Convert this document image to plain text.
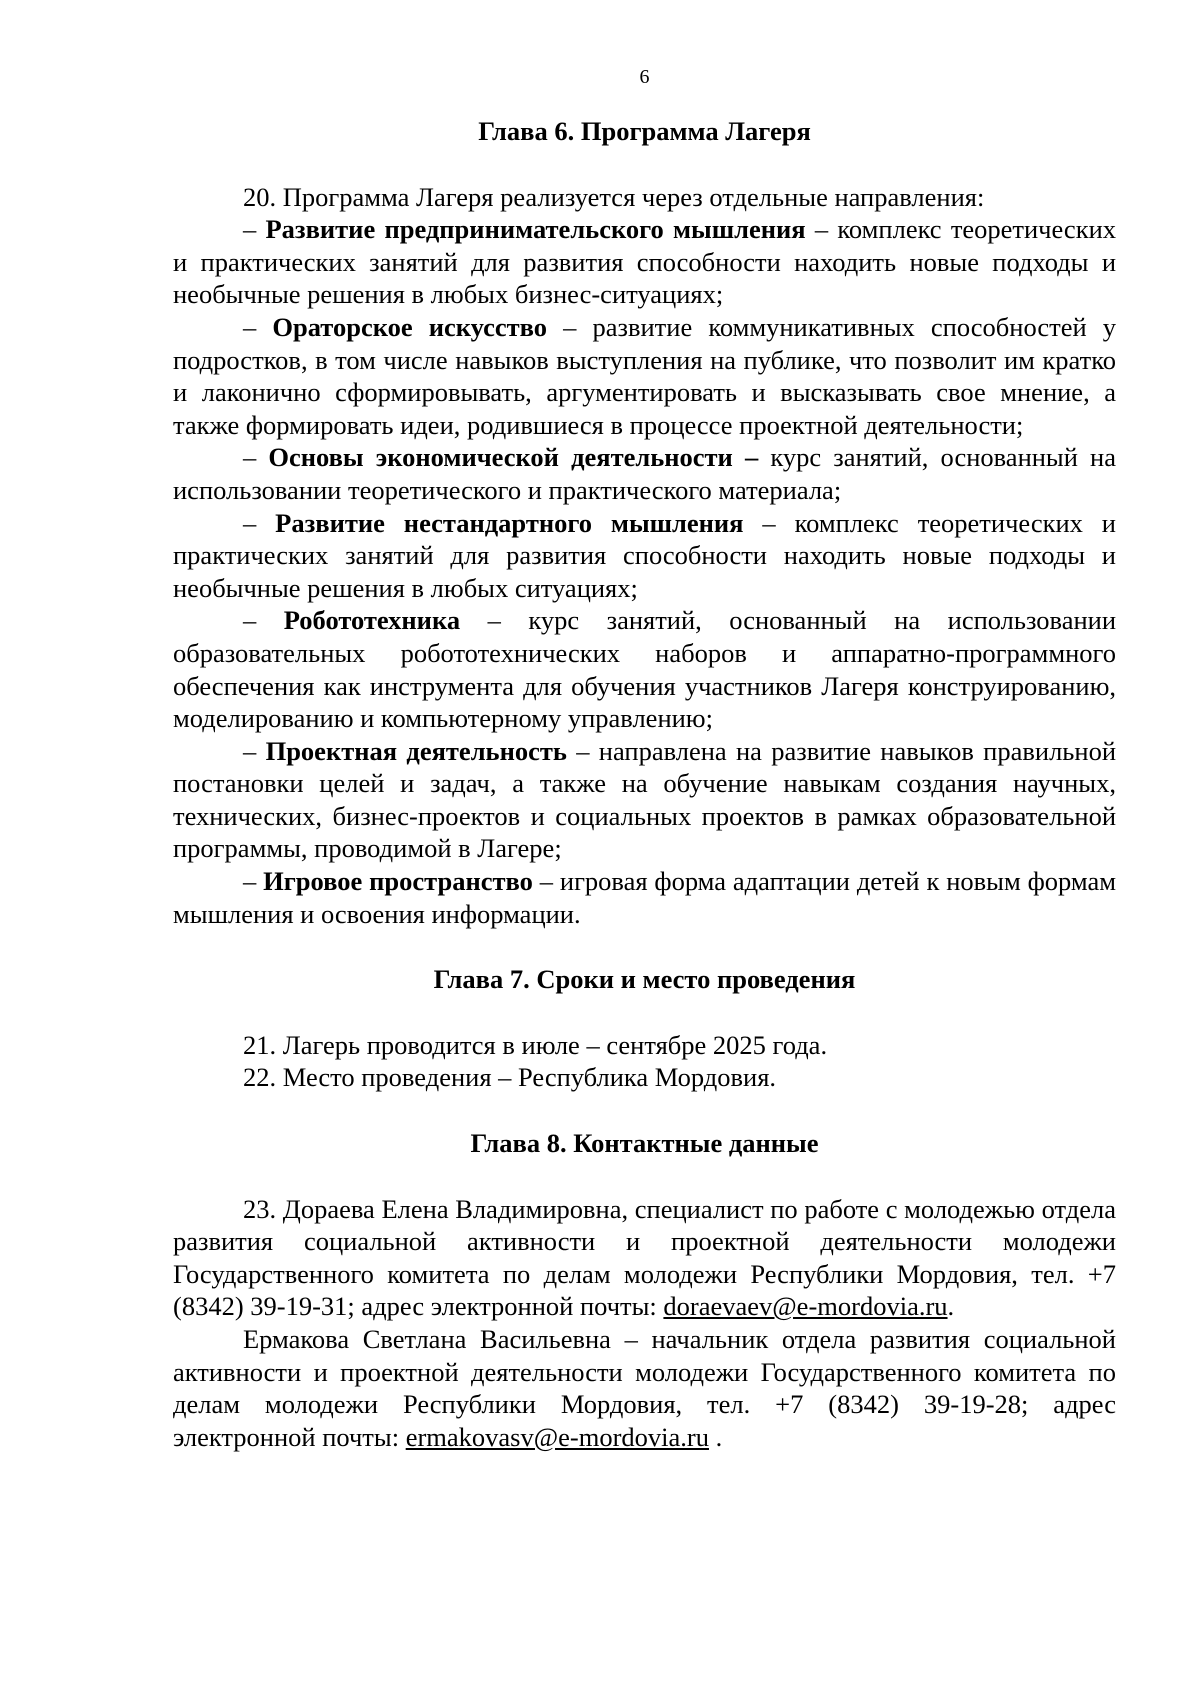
6
Глава 6. Программа Лагеря
20. Программа Лагеря реализуется через отдельные направления:
– Развитие предпринимательского мышления – комплекс теоретических и практических занятий для развития способности находить новые подходы и необычные решения в любых бизнес-ситуациях;
– Ораторское искусство – развитие коммуникативных способностей у подростков, в том числе навыков выступления на публике, что позволит им кратко и лаконично сформировывать, аргументировать и высказывать свое мнение, а также формировать идеи, родившиеся в процессе проектной деятельности;
– Основы экономической деятельности – курс занятий, основанный на использовании теоретического и практического материала;
– Развитие нестандартного мышления – комплекс теоретических и практических занятий для развития способности находить новые подходы и необычные решения в любых ситуациях;
– Робототехника – курс занятий, основанный на использовании образовательных робототехнических наборов и аппаратно-программного обеспечения как инструмента для обучения участников Лагеря конструированию, моделированию и компьютерному управлению;
– Проектная деятельность – направлена на развитие навыков правильной постановки целей и задач, а также на обучение навыкам создания научных, технических, бизнес-проектов и социальных проектов в рамках образовательной программы, проводимой в Лагере;
– Игровое пространство – игровая форма адаптации детей к новым формам мышления и освоения информации.
Глава 7. Сроки и место проведения
21. Лагерь проводится в июле – сентябре 2025 года.
22. Место проведения – Республика Мордовия.
Глава 8. Контактные данные
23. Дораева Елена Владимировна, специалист по работе с молодежью отдела развития социальной активности и проектной деятельности молодежи Государственного комитета по делам молодежи Республики Мордовия, тел. +7 (8342) 39-19-31; адрес электронной почты: doraevaev@e-mordovia.ru.
Ермакова Светлана Васильевна – начальник отдела развития социальной активности и проектной деятельности молодежи Государственного комитета по делам молодежи Республики Мордовия, тел. +7 (8342) 39-19-28; адрес электронной почты: ermakovasv@e-mordovia.ru .
